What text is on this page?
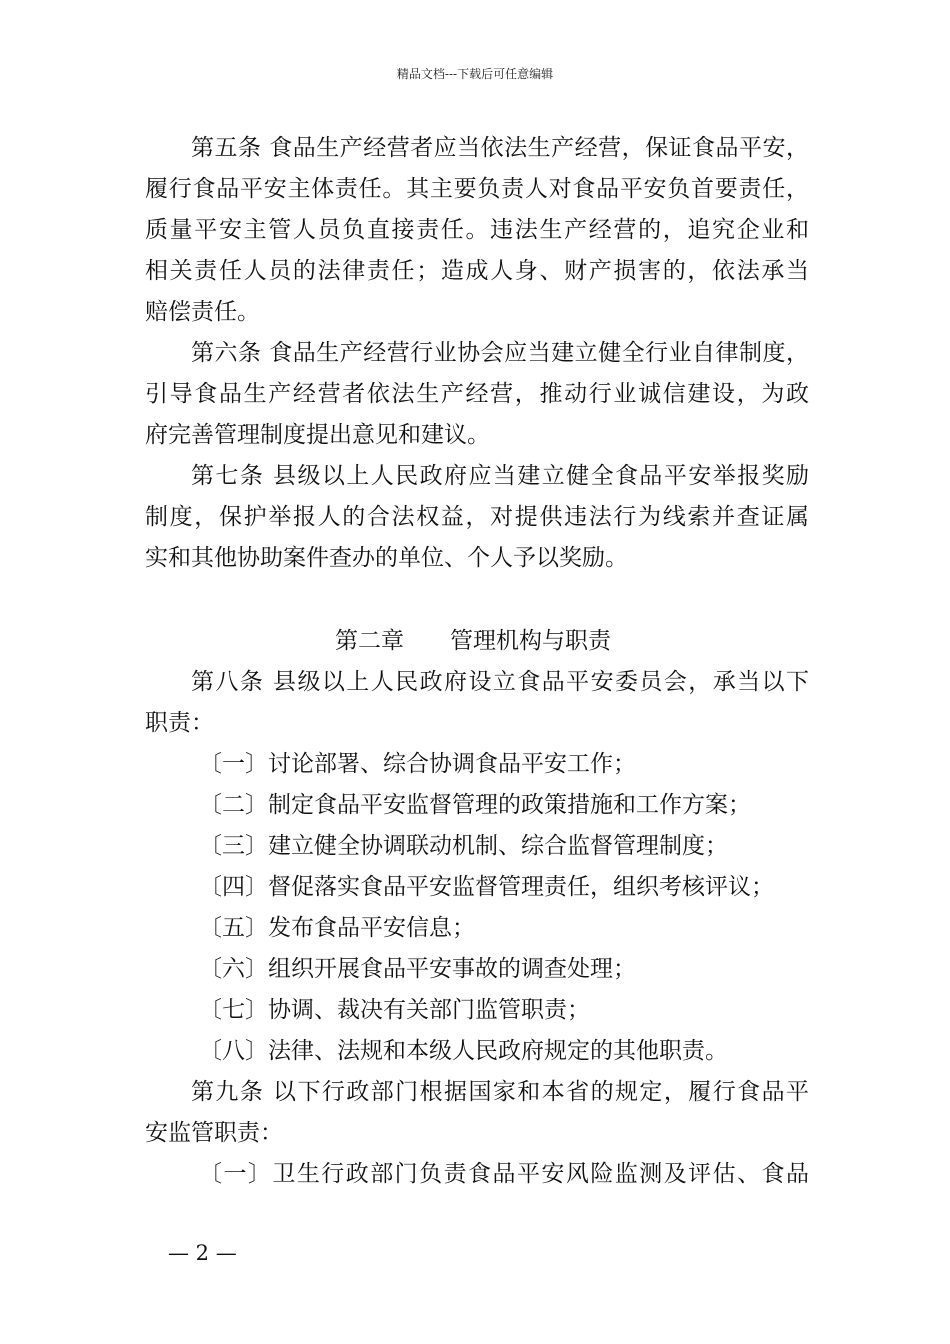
精品文档---下载后可任意编辑
第五条 食品生产经营者应当依法生产经营，保证食品平安，
履行食品平安主体责任。其主要负责人对食品平安负首要责任，
质量平安主管人员负直接责任。违法生产经营的，追究企业和
相关责任人员的法律责任；造成人身、财产损害的，依法承当
赔偿责任。
第六条 食品生产经营行业协会应当建立健全行业自律制度，
引导食品生产经营者依法生产经营，推动行业诚信建设，为政
府完善管理制度提出意见和建议。
第七条 县级以上人民政府应当建立健全食品平安举报奖励
制度，保护举报人的合法权益，对提供违法行为线索并查证属
实和其他协助案件查办的单位、个人予以奖励。
第二章　　管理机构与职责
第八条 县级以上人民政府设立食品平安委员会，承当以下
职责：
〔一〕讨论部署、综合协调食品平安工作；
〔二〕制定食品平安监督管理的政策措施和工作方案；
〔三〕建立健全协调联动机制、综合监督管理制度；
〔四〕督促落实食品平安监督管理责任，组织考核评议；
〔五〕发布食品平安信息；
〔六〕组织开展食品平安事故的调查处理；
〔七〕协调、裁决有关部门监管职责；
〔八〕法律、法规和本级人民政府规定的其他职责。
第九条 以下行政部门根据国家和本省的规定，履行食品平
安监管职责：
〔一〕卫生行政部门负责食品平安风险监测及评估、食品
— 2 —
